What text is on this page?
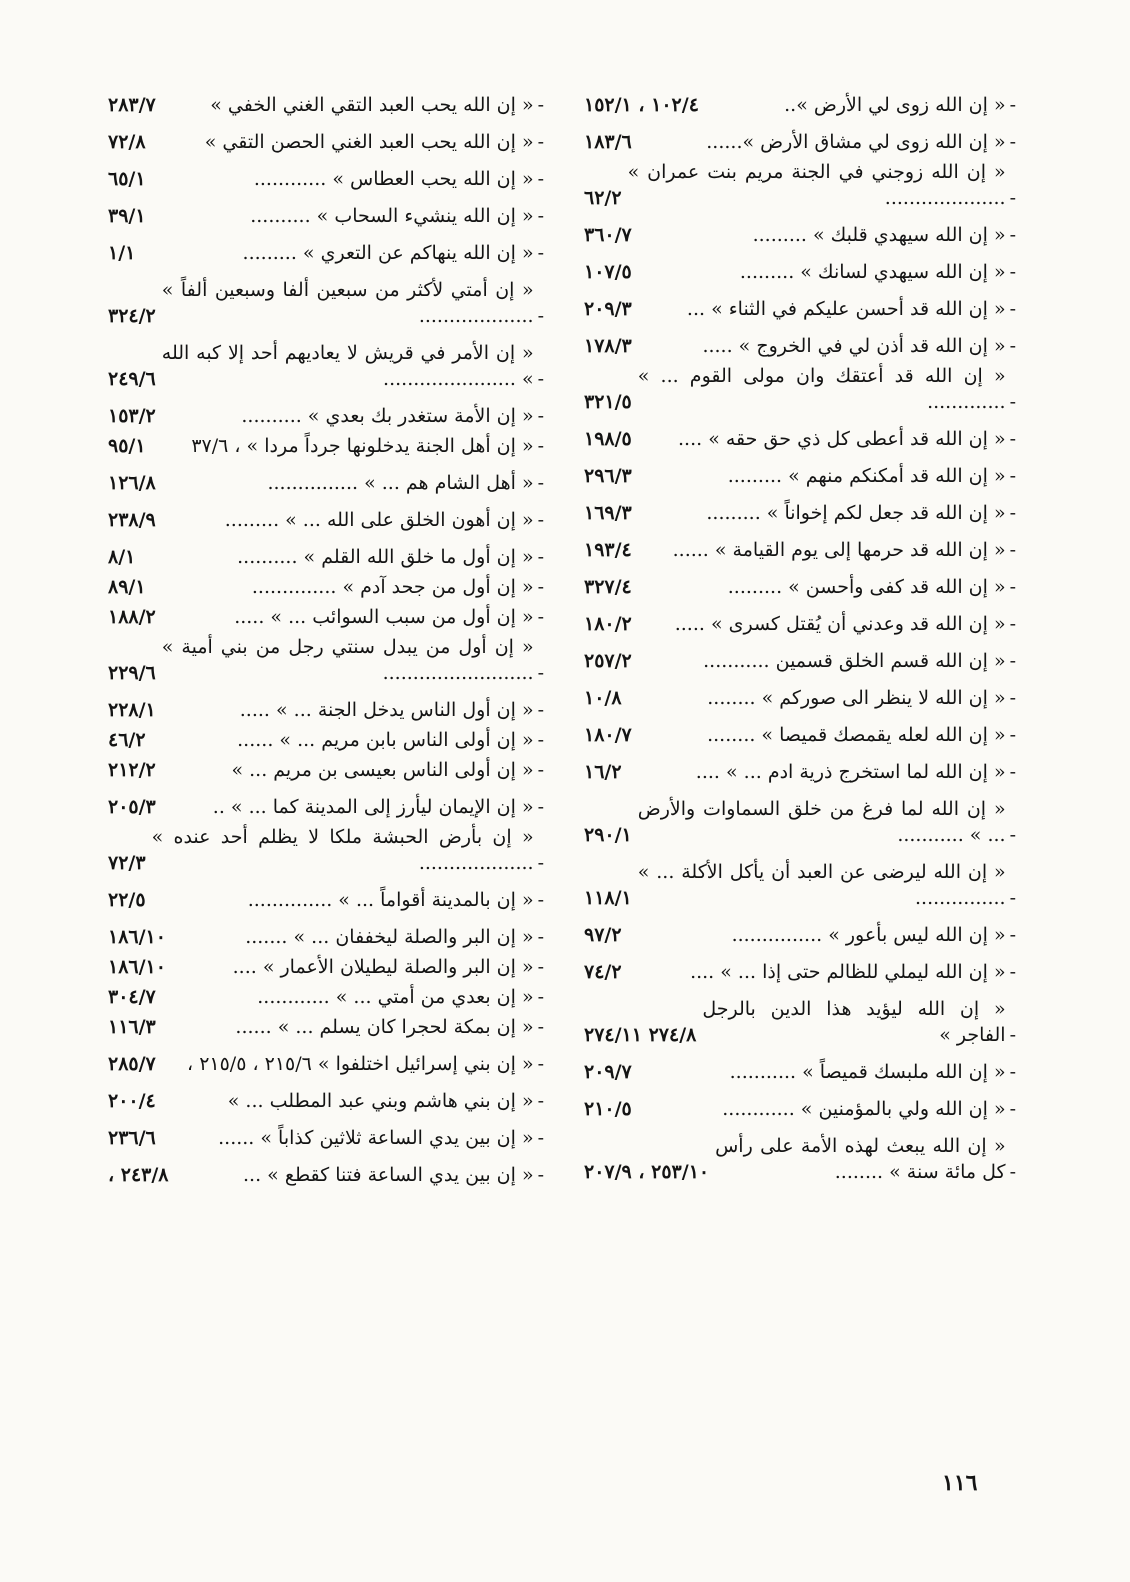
-
« إن الله زوى لي الأرض »..
١٠٢/٤ ، ١٥٢/١
-
« إن الله زوى لي مشاق الأرض »......
١٨٣/٦
-
« إن الله زوجني في الجنة مريم بنت عمران » ....................
٦٢/٢
-
« إن الله سيهدي قلبك » .........
٣٦٠/٧
-
« إن الله سيهدي لسانك » .........
١٠٧/٥
-
« إن الله قد أحسن عليكم في الثناء » ...
٢٠٩/٣
-
« إن الله قد أذن لي في الخروج » .....
١٧٨/٣
-
« إن الله قد أعتقك وان مولى القوم ... » .............
٣٢١/٥
-
« إن الله قد أعطى كل ذي حق حقه » ....
١٩٨/٥
-
« إن الله قد أمكنكم منهم » .........
٢٩٦/٣
-
« إن الله قد جعل لكم إخواناً » .........
١٦٩/٣
-
« إن الله قد حرمها إلى يوم القيامة » ......
١٩٣/٤
-
« إن الله قد كفى وأحسن » .........
٣٢٧/٤
-
« إن الله قد وعدني أن يُقتل كسرى » .....
١٨٠/٢
-
« إن الله قسم الخلق قسمين ...........
٢٥٧/٢
-
« إن الله لا ينظر الى صوركم » ........
١٠/٨
-
« إن الله لعله يقمصك قميصا » ........
١٨٠/٧
-
« إن الله لما استخرج ذرية ادم ... » ....
١٦/٢
-
« إن الله لما فرغ من خلق السماوات والأرض ... » ...........
٢٩٠/١
-
« إن الله ليرضى عن العبد أن يأكل الأكلة ... » ...............
١١٨/١
-
« إن الله ليس بأعور » ...............
٩٧/٢
-
« إن الله ليملي للظالم حتى إذا ... » ....
٧٤/٢
-
« إن الله ليؤيد هذا الدين بالرجل الفاجر »
٢٧٤/٨ ٢٧٤/١١
-
« إن الله ملبسك قميصاً » ...........
٢٠٩/٧
-
« إن الله ولي بالمؤمنين » ............
٢١٠/٥
-
« إن الله يبعث لهذه الأمة على رأس كل مائة سنة » ........
٢٥٣/١٠ ، ٢٠٧/٩
-
« إن الله يحب العبد التقي الغني الخفي »
٢٨٣/٧
-
« إن الله يحب العبد الغني الحصن التقي »
٧٢/٨
-
« إن الله يحب العطاس » ............
٦٥/١
-
« إن الله ينشيء السحاب » ..........
٣٩/١
-
« إن الله ينهاكم عن التعري » .........
١/١
-
« إن أمتي لأكثر من سبعين ألفا وسبعين ألفاً » ...................
٣٢٤/٢
-
« إن الأمر في قريش لا يعاديهم أحد إلا كبه الله » ......................
٢٤٩/٦
-
« إن الأمة ستغدر بك بعدي » ..........
١٥٣/٢
-
« إن أهل الجنة يدخلونها جرداً مردا » ، ٣٧/٦
٩٥/١
-
« أهل الشام هم ... » ...............
١٢٦/٨
-
« إن أهون الخلق على الله ... » .........
٢٣٨/٩
-
« إن أول ما خلق الله القلم » ..........
٨/١
-
« إن أول من جحد آدم » ..............
٨٩/١
-
« إن أول من سبب السوائب ... » .....
١٨٨/٢
-
« إن أول من يبدل سنتي رجل من بني أمية » .........................
٢٢٩/٦
-
« إن أول الناس يدخل الجنة ... » .....
٢٢٨/١
-
« إن أولى الناس بابن مريم ... » ......
٤٦/٢
-
« إن أولى الناس بعيسى بن مريم ... »
٢١٢/٢
-
« إن الإيمان ليأرز إلى المدينة كما ... » ..
٢٠٥/٣
-
« إن بأرض الحبشة ملكا لا يظلم أحد عنده » ...................
٧٢/٣
-
« إن بالمدينة أقواماً ... » ..............
٢٢/٥
-
« إن البر والصلة ليخففان ... » .......
١٨٦/١٠
-
« إن البر والصلة ليطيلان الأعمار » ....
١٨٦/١٠
-
« إن بعدي من أمتي ... » ............
٣٠٤/٧
-
« إن بمكة لحجرا كان يسلم ... » ......
١١٦/٣
-
« إن بني إسرائيل اختلفوا » ٢١٥/٦ ، ٢١٥/٥ ،
٢٨٥/٧
-
« إن بني هاشم وبني عبد المطلب ... »
٢٠٠/٤
-
« إن بين يدي الساعة ثلاثين كذاباً » ......
٢٣٦/٦
-
« إن بين يدي الساعة فتنا كقطع » ...
٢٤٣/٨ ،
١١٦
